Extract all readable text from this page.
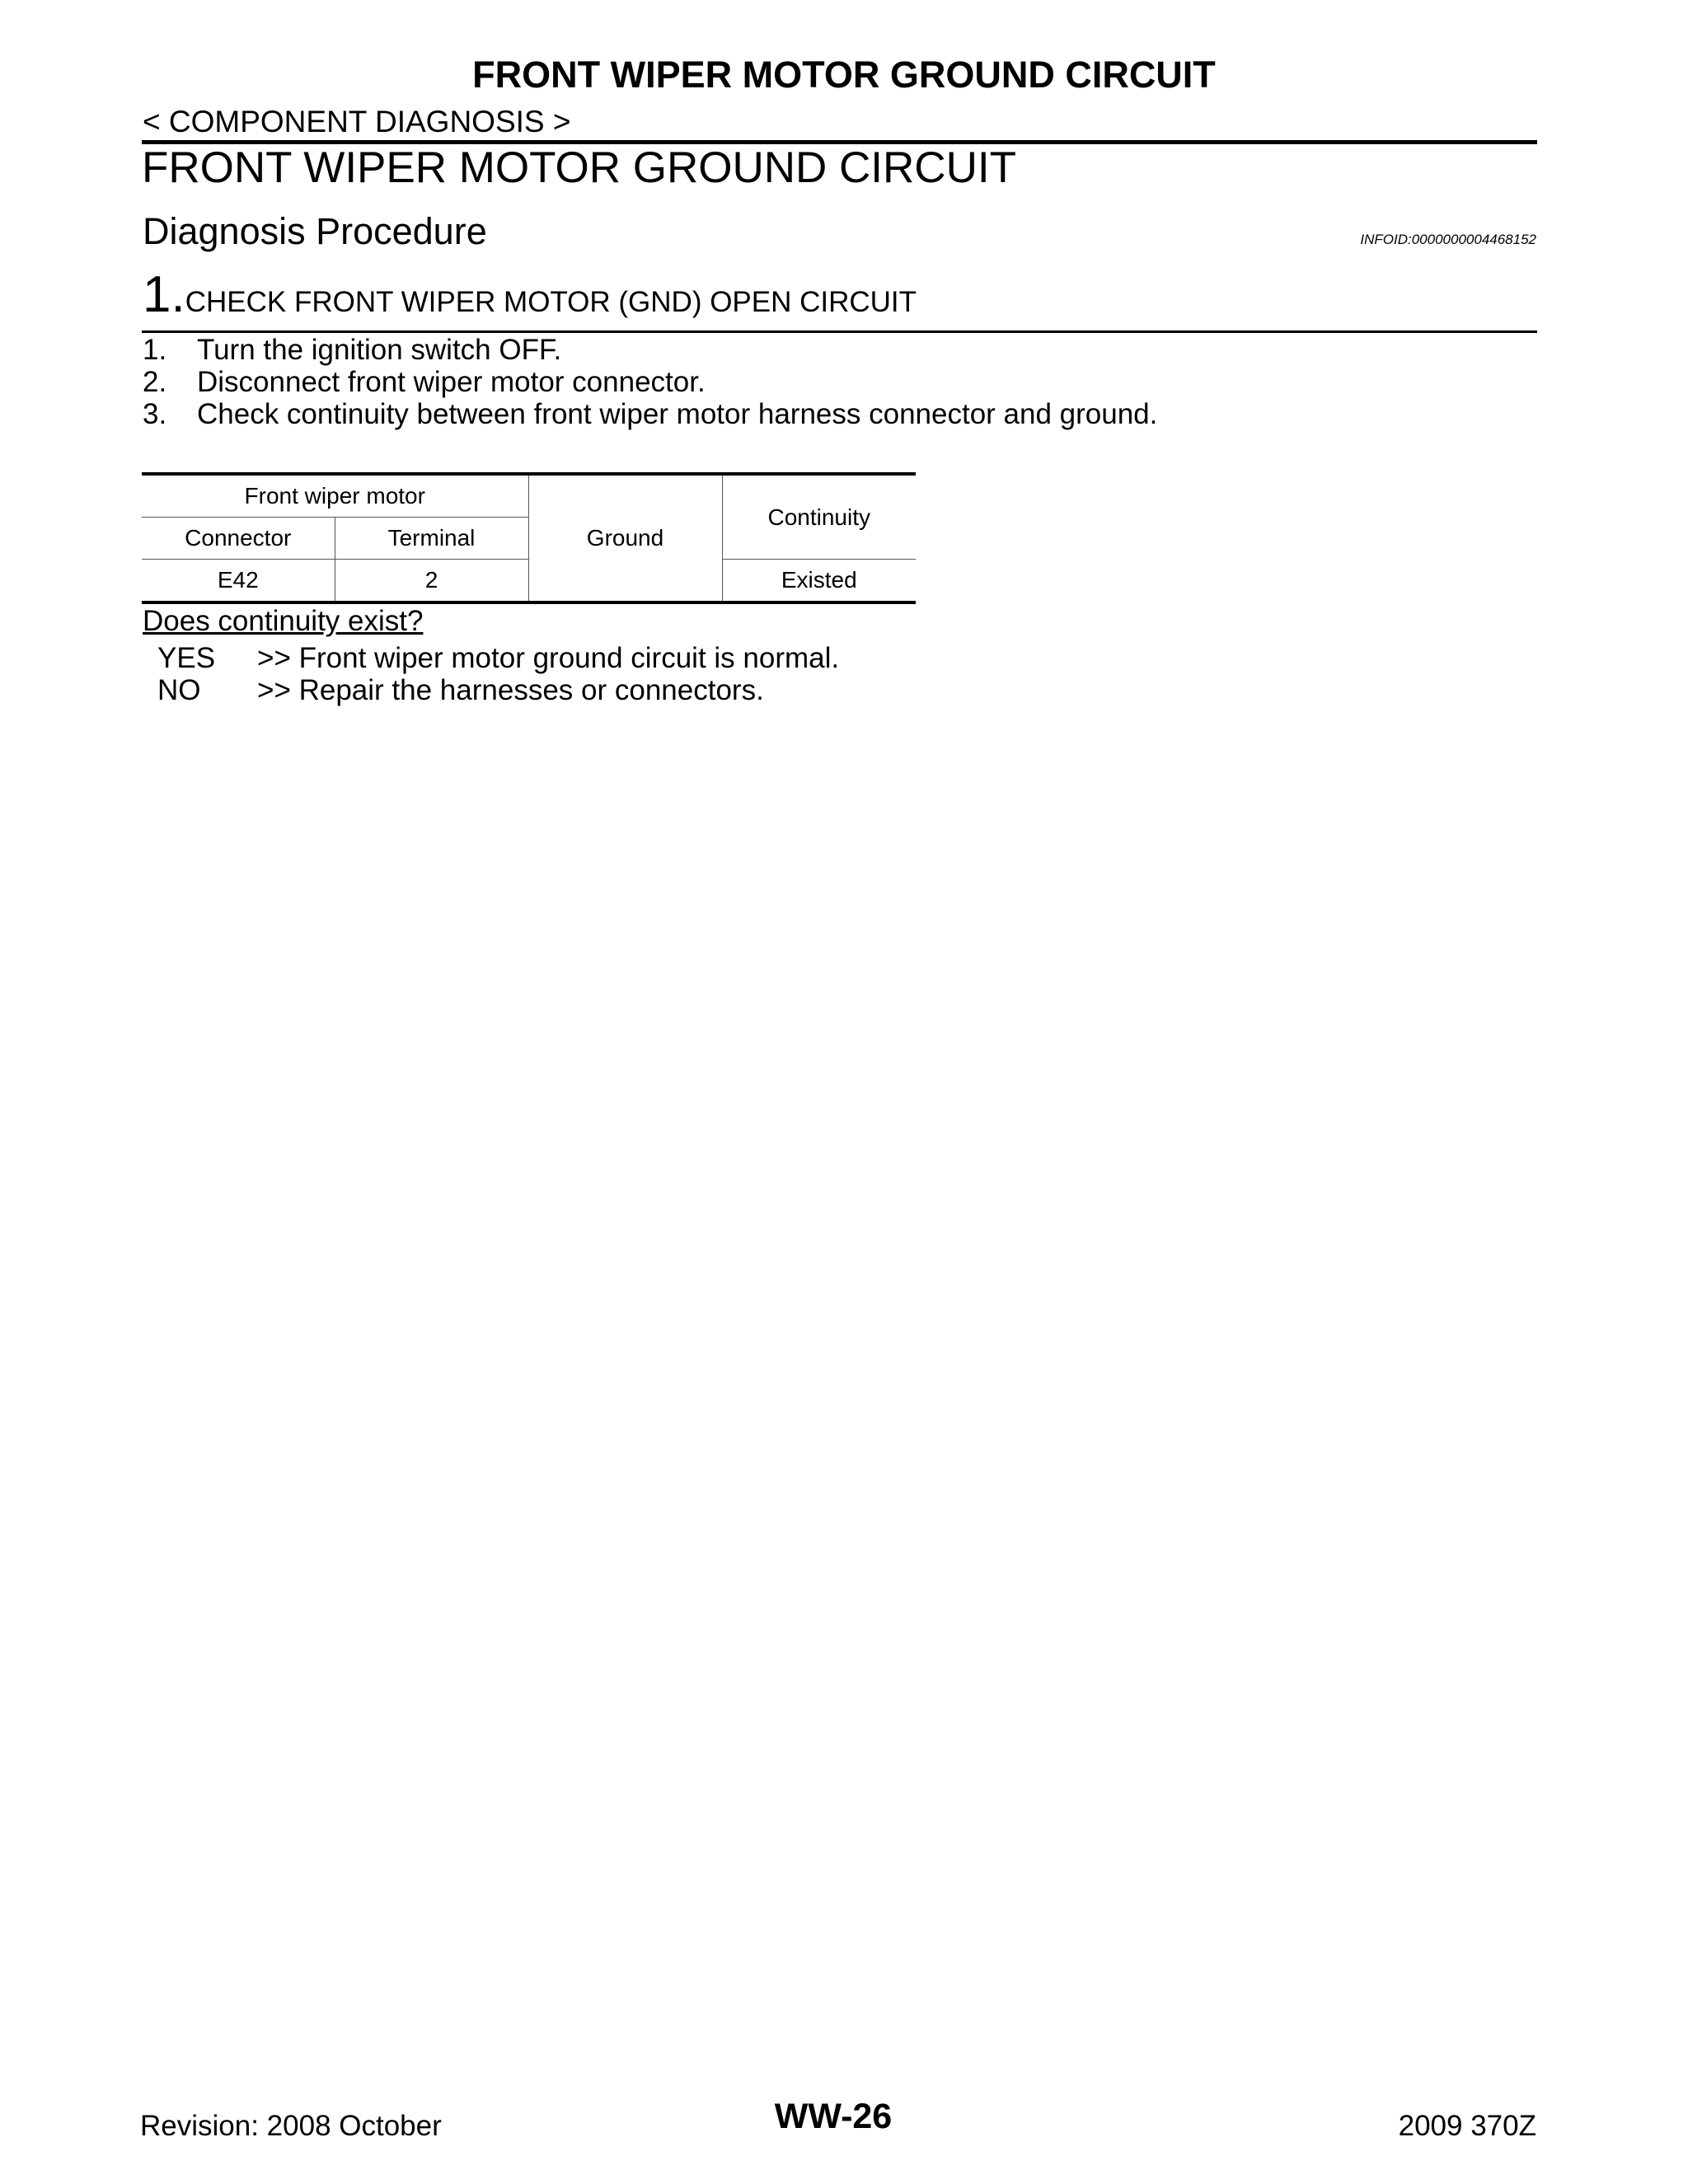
FRONT WIPER MOTOR GROUND CIRCUIT
< COMPONENT DIAGNOSIS >
FRONT WIPER MOTOR GROUND CIRCUIT
Diagnosis Procedure	INFOID:0000000004468152
1.CHECK FRONT WIPER MOTOR (GND) OPEN CIRCUIT
1.	Turn the ignition switch OFF.
2.	Disconnect front wiper motor connector.
3.	Check continuity between front wiper motor harness connector and ground.
Front wiper motor		Ground	Continuity
Connector	Terminal		
E42	2		Existed
Does continuity exist?
YES >> Front wiper motor ground circuit is normal.
NO >> Repair the harnesses or connectors.
Revision: 2008 October	WW-26	2009 370Z
